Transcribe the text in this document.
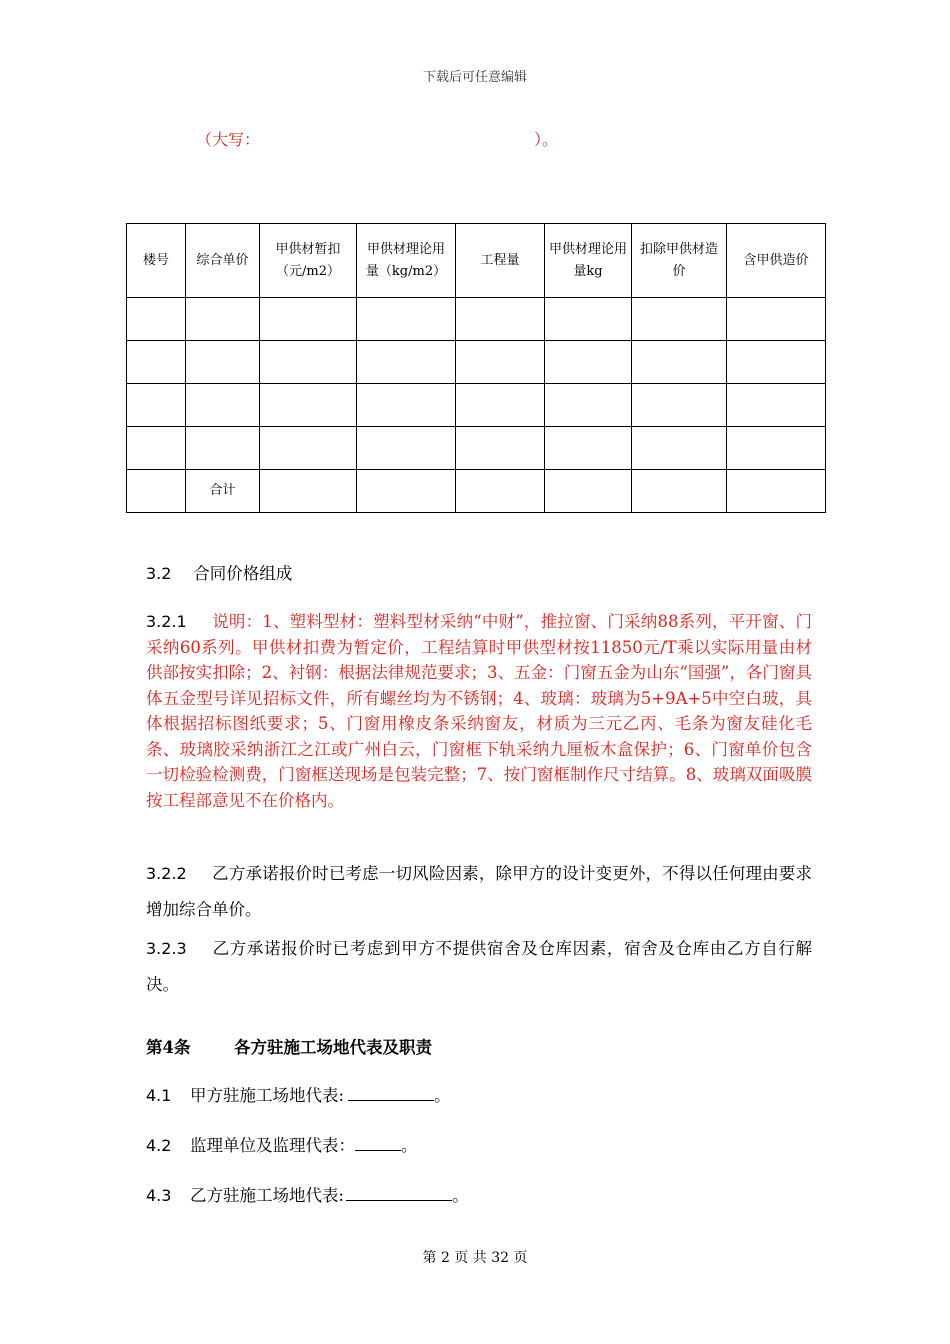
下载后可任意编辑
（大写：	）。
楼号	综合单价	甲供材暂扣（元/m2）	甲供材理论用量（kg/m2）	工程量	甲供材理论用量kg	扣除甲供材造价	含甲供造价

	合计						
3.2 合同价格组成
3.2.1 说明：1、塑料型材：塑料型材采纳“中财”，推拉窗、门采纳88系列，平开窗、门采纳60系列。甲供材扣费为暂定价，工程结算时甲供型材按11850元/T乘以实际用量由材供部按实扣除；2、衬钢：根据法律规范要求；3、五金：门窗五金为山东“国强”，各门窗具体五金型号详见招标文件，所有螺丝均为不锈钢；4、玻璃：玻璃为5+9A+5中空白玻，具体根据招标图纸要求；5、门窗用橡皮条采纳窗友，材质为三元乙丙、毛条为窗友硅化毛条、玻璃胶采纳浙江之江或广州白云，门窗框下轨采纳九厘板木盒保护；6、门窗单价包含一切检验检测费，门窗框送现场是包装完整；7、按门窗框制作尺寸结算。8、玻璃双面吸膜按工程部意见不在价格内。
3.2.2 乙方承诺报价时已考虑一切风险因素，除甲方的设计变更外，不得以任何理由要求增加综合单价。
3.2.3 乙方承诺报价时已考虑到甲方不提供宿舍及仓库因素，宿舍及仓库由乙方自行解决。
第4条	各方驻施工场地代表及职责
4.1 甲方驻施工场地代表:	。
4.2 监理单位及监理代表：	。
4.3 乙方驻施工场地代表:	。
第 2 页 共 32 页
